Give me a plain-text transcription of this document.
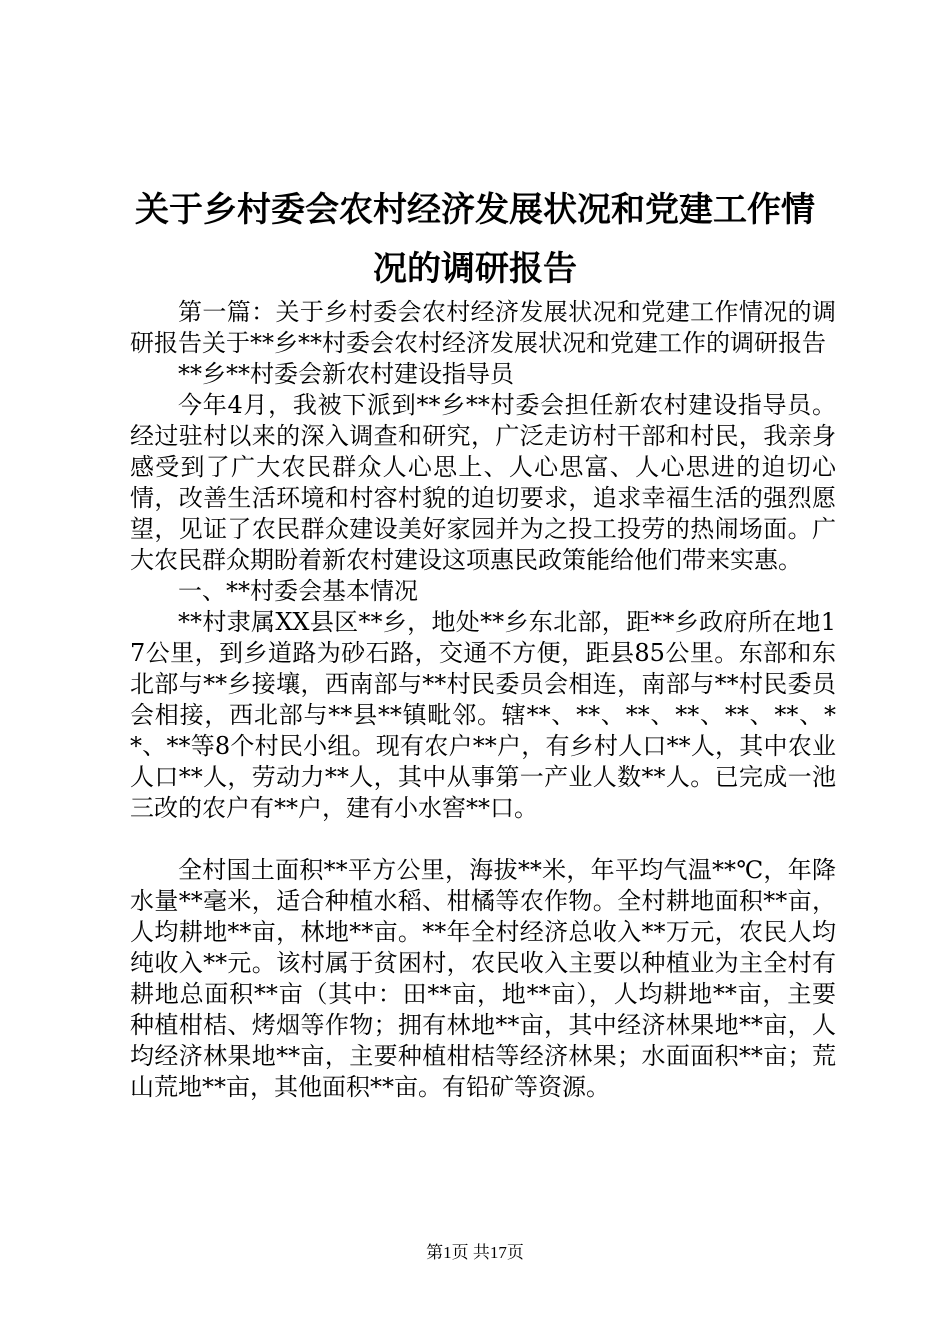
关于乡村委会农村经济发展状况和党建工作情
况的调研报告

第一篇：关于乡村委会农村经济发展状况和党建工作情况的调研报告关于**乡**村委会农村经济发展状况和党建工作的调研报告

**乡**村委会新农村建设指导员

今年4月，我被下派到**乡**村委会担任新农村建设指导员。经过驻村以来的深入调查和研究，广泛走访村干部和村民，我亲身感受到了广大农民群众人心思上、人心思富、人心思进的迫切心情，改善生活环境和村容村貌的迫切要求，追求幸福生活的强烈愿望，见证了农民群众建设美好家园并为之投工投劳的热闹场面。广大农民群众期盼着新农村建设这项惠民政策能给他们带来实惠。

一、**村委会基本情况

**村隶属XX县区**乡，地处**乡东北部，距**乡政府所在地17公里，到乡道路为砂石路，交通不方便，距县85公里。东部和东北部与**乡接壤，西南部与**村民委员会相连，南部与**村民委员会相接，西北部与**县**镇毗邻。辖**、**、**、**、**、**、**、**等8个村民小组。现有农户**户，有乡村人口**人，其中农业人口**人，劳动力**人，其中从事第一产业人数**人。已完成一池三改的农户有**户，建有小水窖**口。

全村国土面积**平方公里，海拔**米，年平均气温**℃，年降水量**毫米，适合种植水稻、柑橘等农作物。全村耕地面积**亩，人均耕地**亩，林地**亩。**年全村经济总收入**万元，农民人均纯收入**元。该村属于贫困村，农民收入主要以种植业为主全村有耕地总面积**亩（其中：田**亩，地**亩），人均耕地**亩，主要种植柑桔、烤烟等作物；拥有林地**亩，其中经济林果地**亩，人均经济林果地**亩，主要种植柑桔等经济林果；水面面积**亩；荒山荒地**亩，其他面积**亩。有铅矿等资源。

第1页 共17页
